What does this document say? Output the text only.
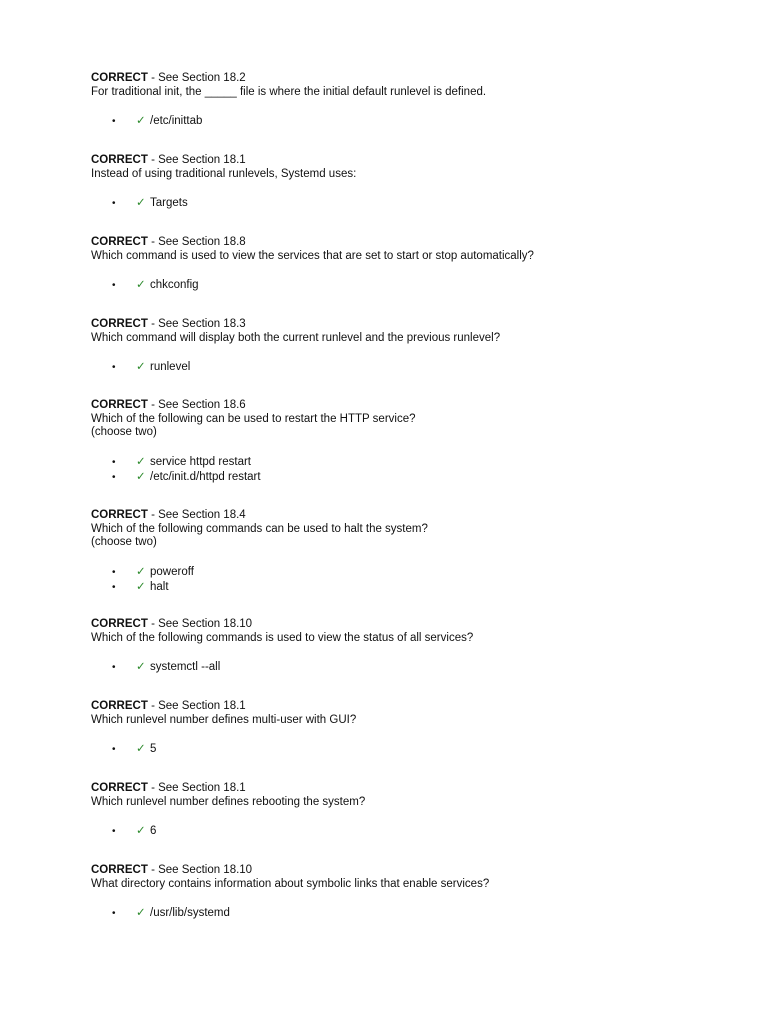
CORRECT - See Section 18.2
For traditional init, the _____ file is where the initial default runlevel is defined.
• ✓ /etc/inittab
CORRECT - See Section 18.1
Instead of using traditional runlevels, Systemd uses:
• ✓ Targets
CORRECT - See Section 18.8
Which command is used to view the services that are set to start or stop automatically?
• ✓ chkconfig
CORRECT - See Section 18.3
Which command will display both the current runlevel and the previous runlevel?
• ✓ runlevel
CORRECT - See Section 18.6
Which of the following can be used to restart the HTTP service?
(choose two)
• ✓ service httpd restart
• ✓ /etc/init.d/httpd restart
CORRECT - See Section 18.4
Which of the following commands can be used to halt the system?
(choose two)
• ✓ poweroff
• ✓ halt
CORRECT - See Section 18.10
Which of the following commands is used to view the status of all services?
• ✓ systemctl --all
CORRECT - See Section 18.1
Which runlevel number defines multi-user with GUI?
• ✓ 5
CORRECT - See Section 18.1
Which runlevel number defines rebooting the system?
• ✓ 6
CORRECT - See Section 18.10
What directory contains information about symbolic links that enable services?
• ✓ /usr/lib/systemd
